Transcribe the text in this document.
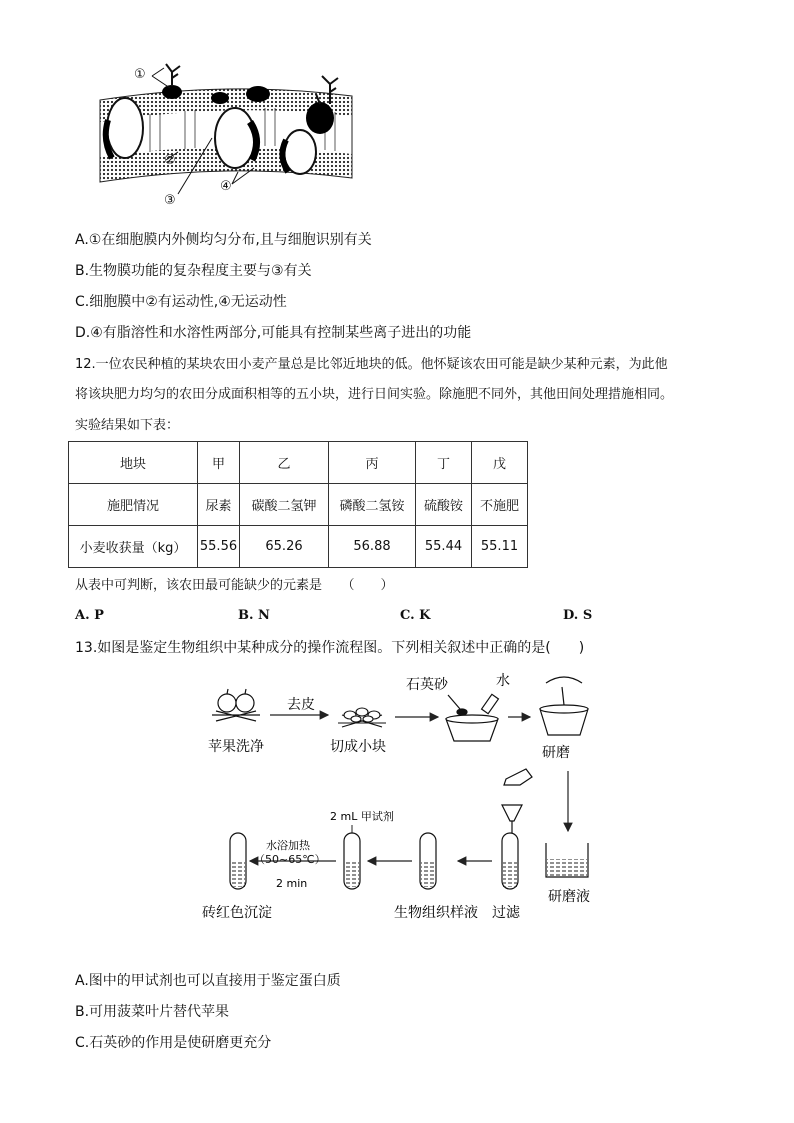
①
②
③
④
A.①在细胞膜内外侧均匀分布,且与细胞识别有关
B.生物膜功能的复杂程度主要与③有关
C.细胞膜中②有运动性,④无运动性
D.④有脂溶性和水溶性两部分,可能具有控制某些离子进出的功能
12.一位农民种植的某块农田小麦产量总是比邻近地块的低。他怀疑该农田可能是缺少某种元素，为此他
将该块肥力均匀的农田分成面积相等的五小块，进行日间实验。除施肥不同外，其他田间处理措施相同。
实验结果如下表：
地块	甲	乙	丙	丁	戊
施肥情况	尿素	碳酸二氢钾	磷酸二氢铵	硫酸铵	不施肥
小麦收获量（kg）	55.56	65.26	56.88	55.44	55.11
从表中可判断，该农田最可能缺少的元素是　　（　　）
A. P	B. N	C. K	D. S
13.如图是鉴定生物组织中某种成分的操作流程图。下列相关叙述中正确的是(　　)
苹果洗净
去皮
切成小块
石英砂	水
研磨
研磨液
过滤
生物组织样液
2 mL 甲试剂
水浴加热
（50~65℃）
2 min
砖红色沉淀
A.图中的甲试剂也可以直接用于鉴定蛋白质
B.可用菠菜叶片替代苹果
C.石英砂的作用是使研磨更充分
